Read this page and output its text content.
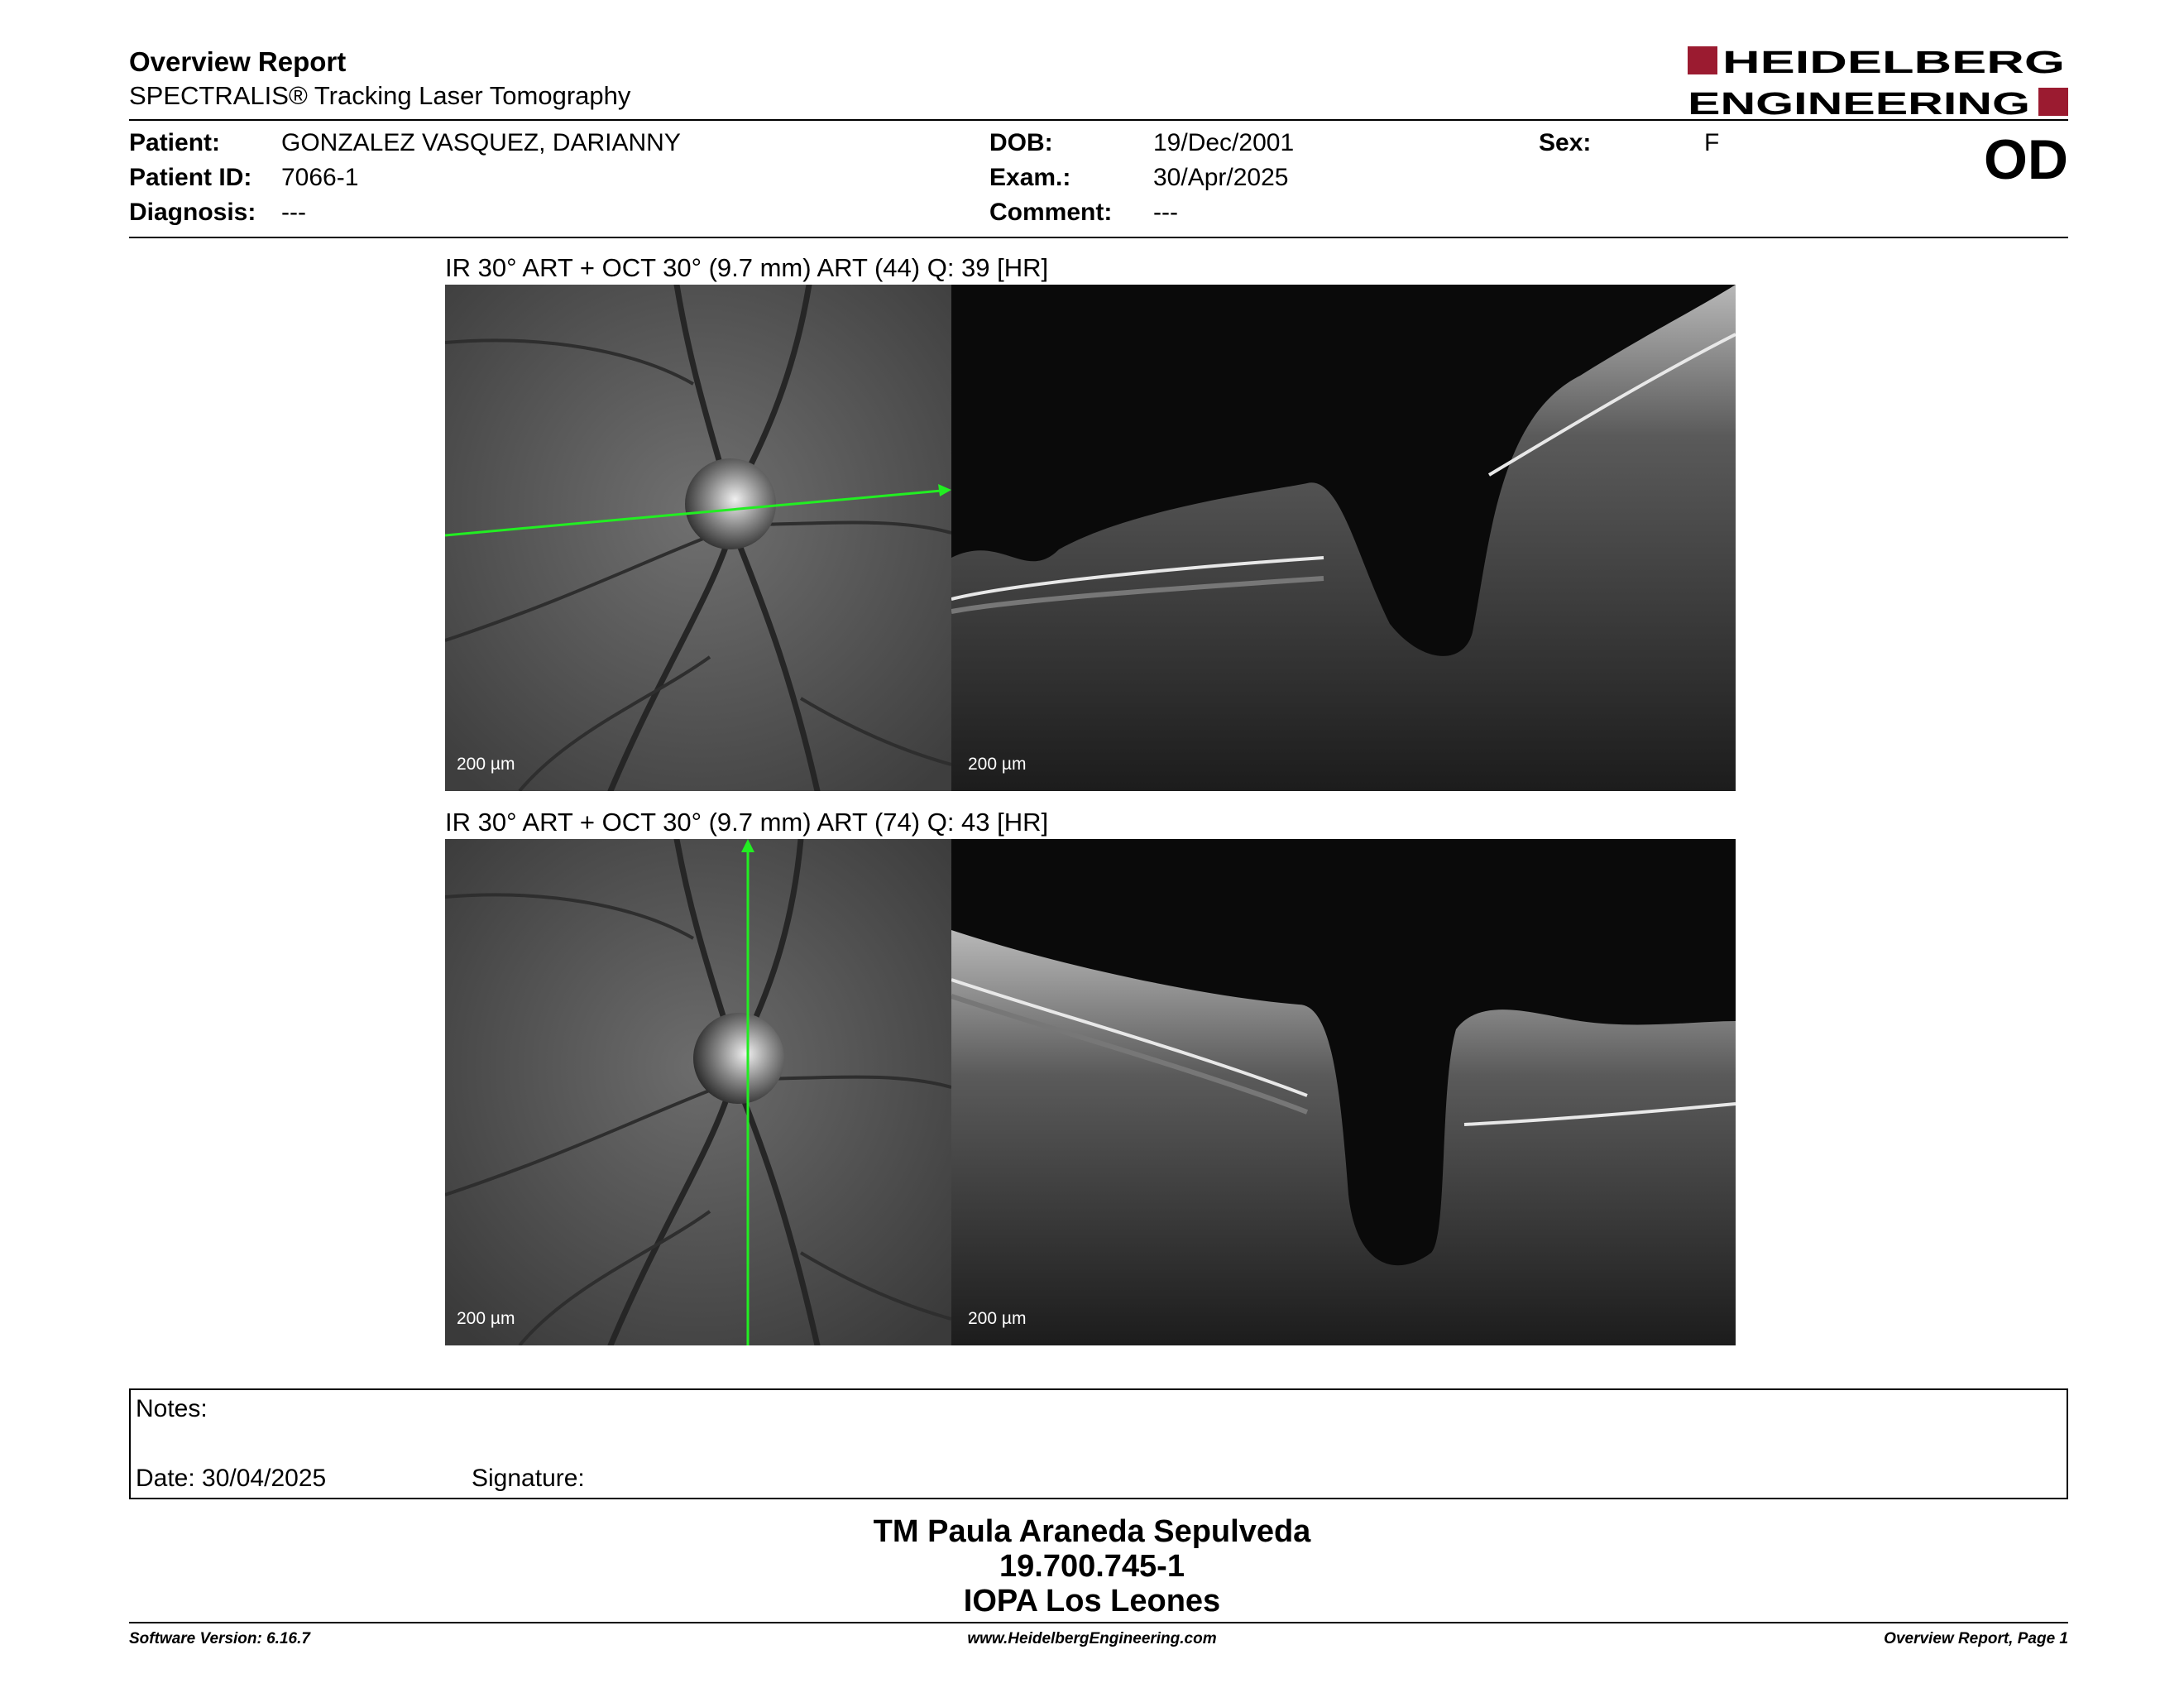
Overview Report
SPECTRALIS® Tracking Laser Tomography
HEIDELBERG
ENGINEERING
Patient: GONZALEZ VASQUEZ, DARIANNY
Patient ID: 7066-1
Diagnosis: ---
DOB:	19/Dec/2001
Exam.:	30/Apr/2025
Comment: ---
Sex:	F	OD
IR 30° ART + OCT 30° (9.7 mm) ART (44) Q: 39 [HR]
200 µm	200 µm
IR 30° ART + OCT 30° (9.7 mm) ART (74) Q: 43 [HR]
200 µm	200 µm
Notes:
Date: 30/04/2025	Signature:
TM Paula Araneda Sepulveda
19.700.745-1
IOPA Los Leones
Software Version: 6.16.7	www.HeidelbergEngineering.com	Overview Report, Page 1
